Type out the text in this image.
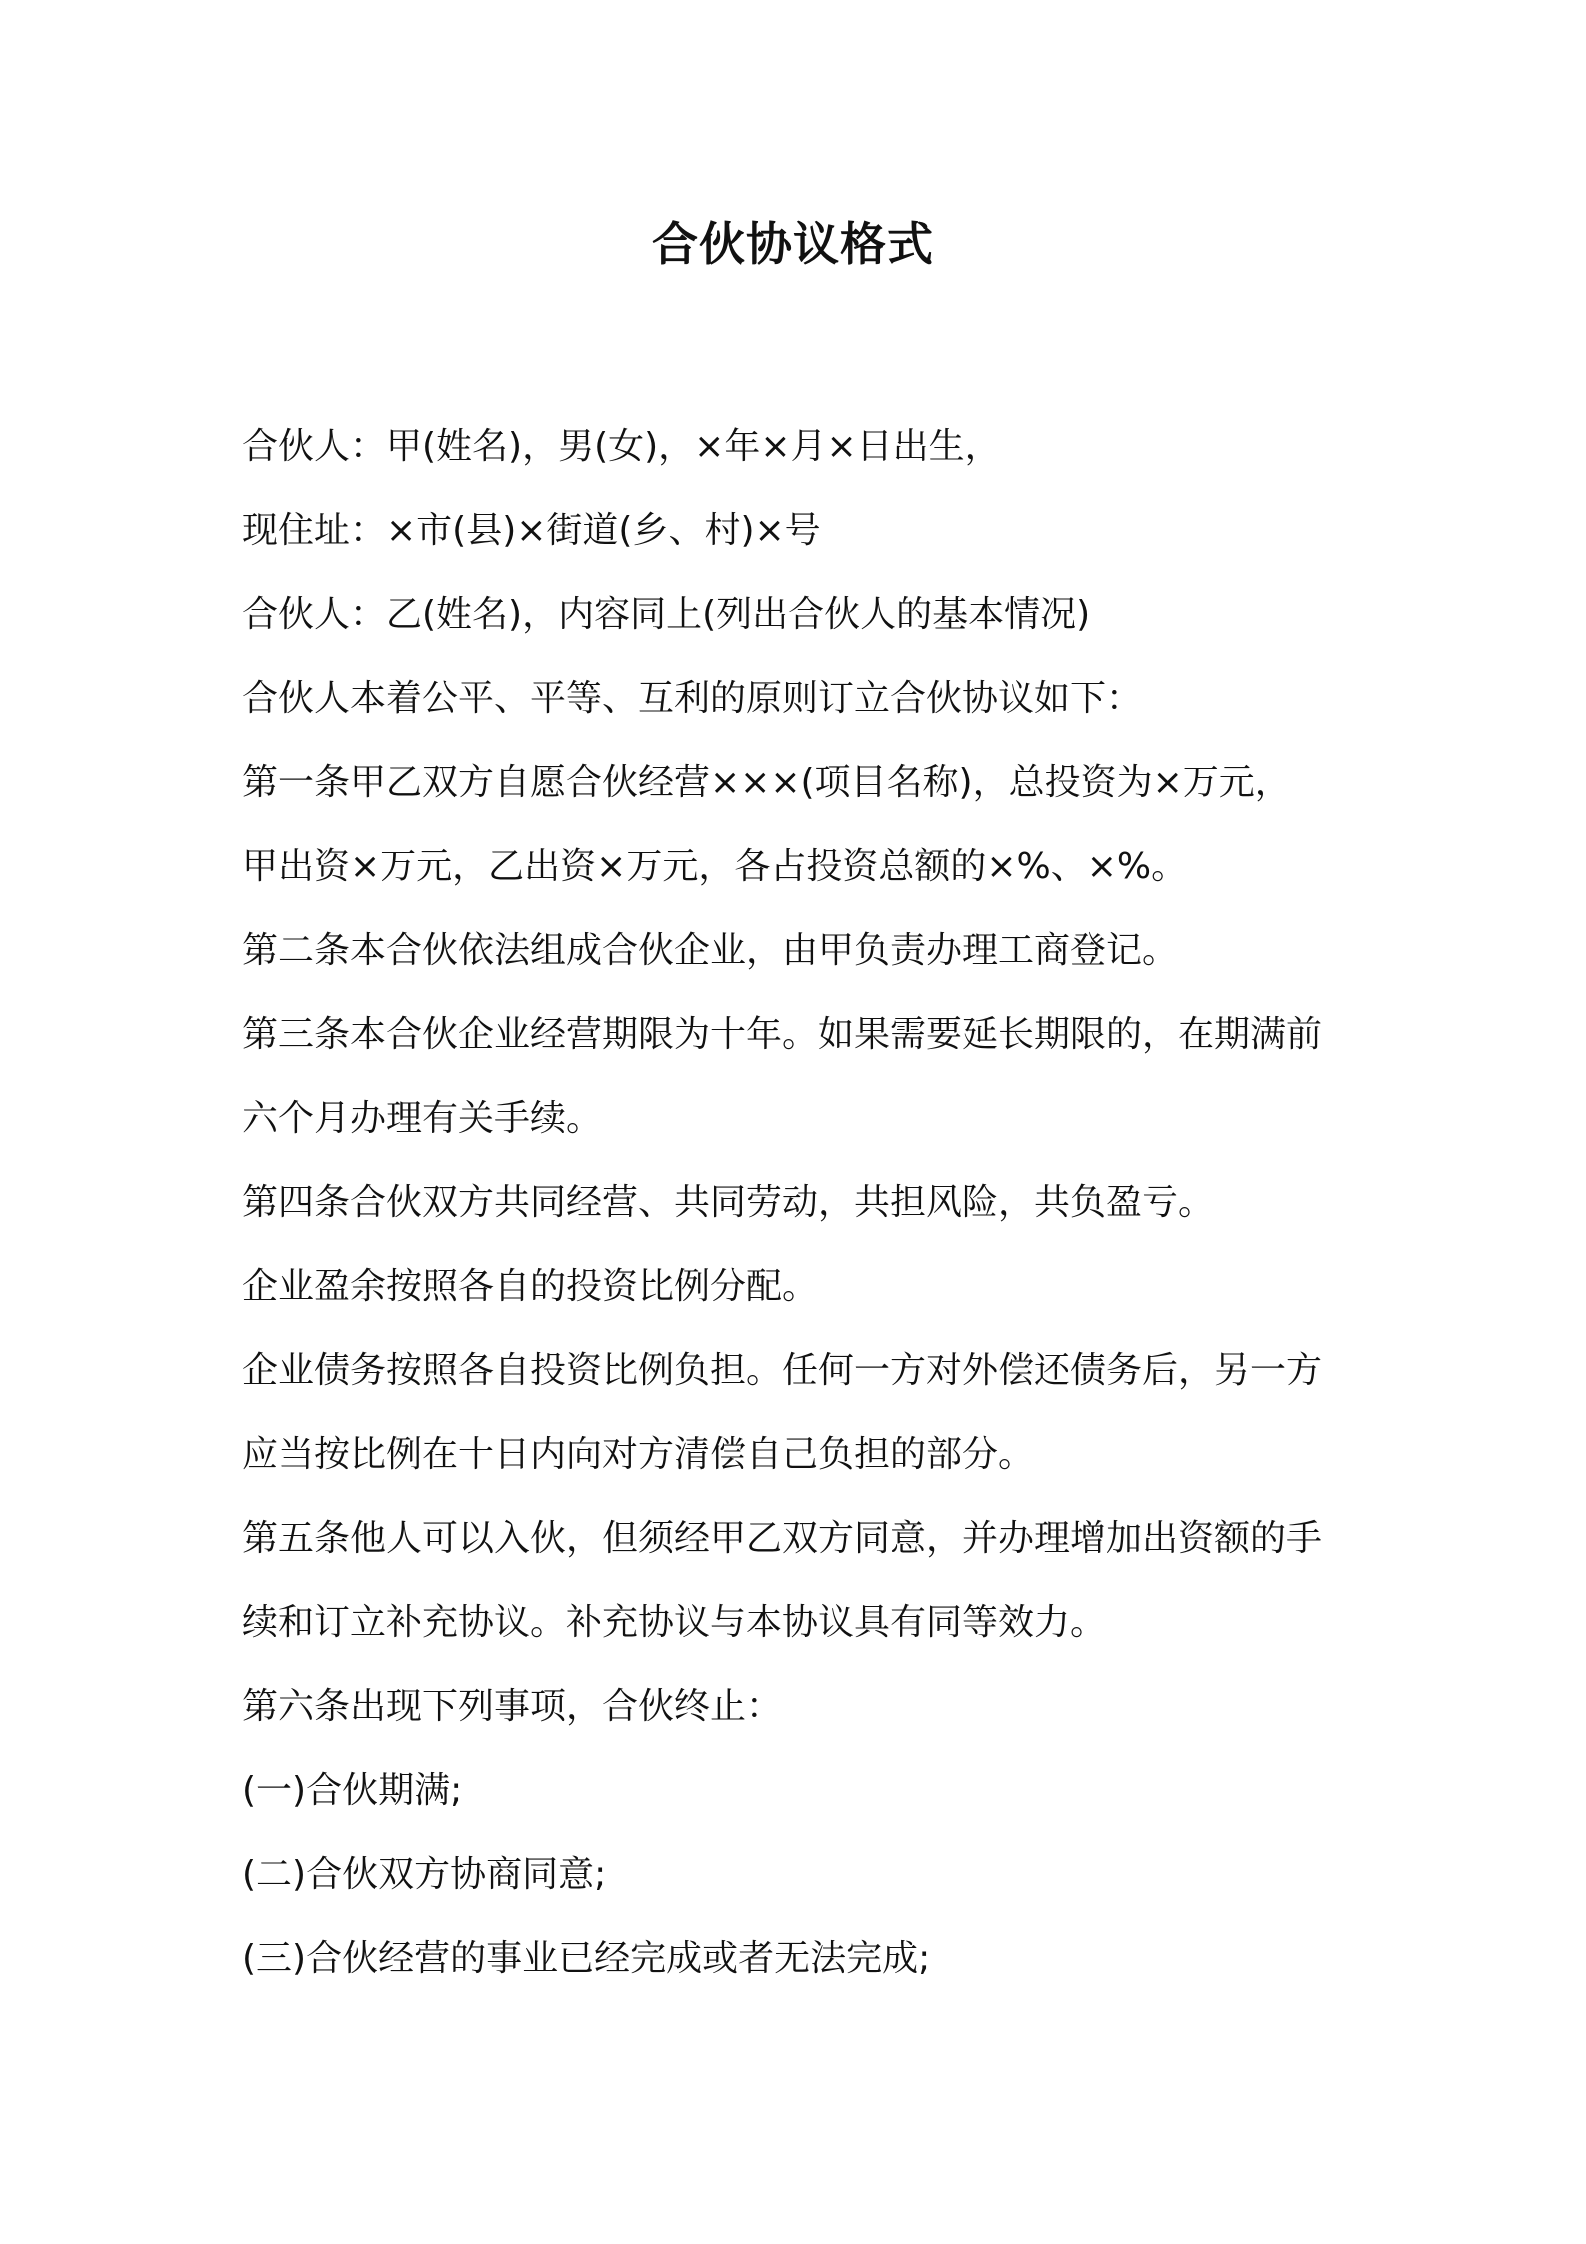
合伙协议格式

合伙人：甲(姓名)，男(女)，×年×月×日出生，

现住址：×市(县)×街道(乡、村)×号

合伙人：乙(姓名)，内容同上(列出合伙人的基本情况)

合伙人本着公平、平等、互利的原则订立合伙协议如下：

第一条甲乙双方自愿合伙经营×××(项目名称)，总投资为×万元，

甲出资×万元，乙出资×万元，各占投资总额的×%、×%。

第二条本合伙依法组成合伙企业，由甲负责办理工商登记。

第三条本合伙企业经营期限为十年。如果需要延长期限的，在期满前

六个月办理有关手续。

第四条合伙双方共同经营、共同劳动，共担风险，共负盈亏。

企业盈余按照各自的投资比例分配。

企业债务按照各自投资比例负担。任何一方对外偿还债务后，另一方

应当按比例在十日内向对方清偿自己负担的部分。

第五条他人可以入伙，但须经甲乙双方同意，并办理增加出资额的手

续和订立补充协议。补充协议与本协议具有同等效力。

第六条出现下列事项，合伙终止：

(一)合伙期满;

(二)合伙双方协商同意;

(三)合伙经营的事业已经完成或者无法完成;
